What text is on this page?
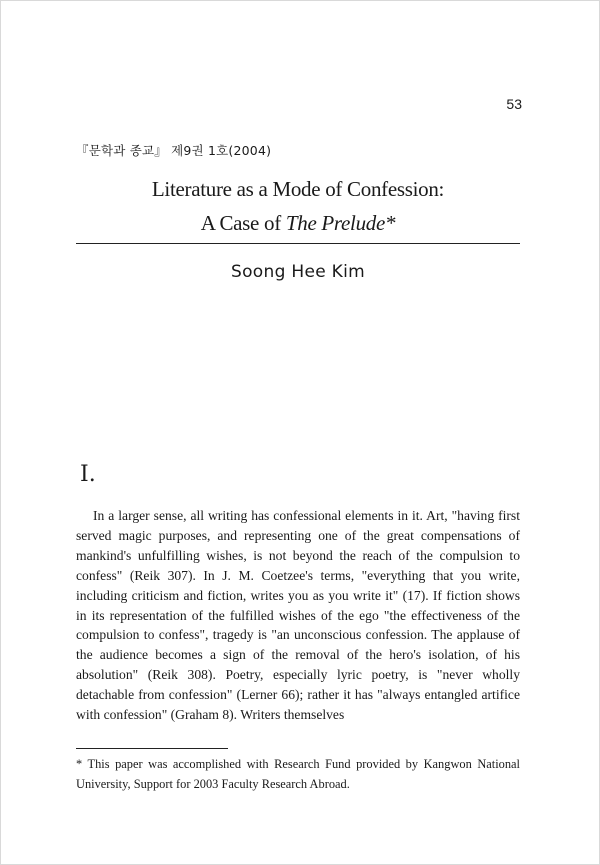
53
『문학과 종교』 제9권 1호(2004)
Literature as a Mode of Confession:
A Case of The Prelude*
Soong Hee Kim
I.

In a larger sense, all writing has confessional elements in it. Art, "having first served magic purposes, and representing one of the great compensations of mankind's unfulfilling wishes, is not beyond the reach of the compulsion to confess" (Reik 307). In J. M. Coetzee's terms, "everything that you write, including criticism and fiction, writes you as you write it" (17). If fiction shows in its representation of the fulfilled wishes of the ego "the effectiveness of the compulsion to confess", tragedy is "an unconscious confession. The applause of the audience becomes a sign of the removal of the hero's isolation, of his absolution" (Reik 308). Poetry, especially lyric poetry, is "never wholly detachable from confession" (Lerner 66); rather it has "always entangled artifice with confession" (Graham 8). Writers themselves

* This paper was accomplished with Research Fund provided by Kangwon National University, Support for 2003 Faculty Research Abroad.
